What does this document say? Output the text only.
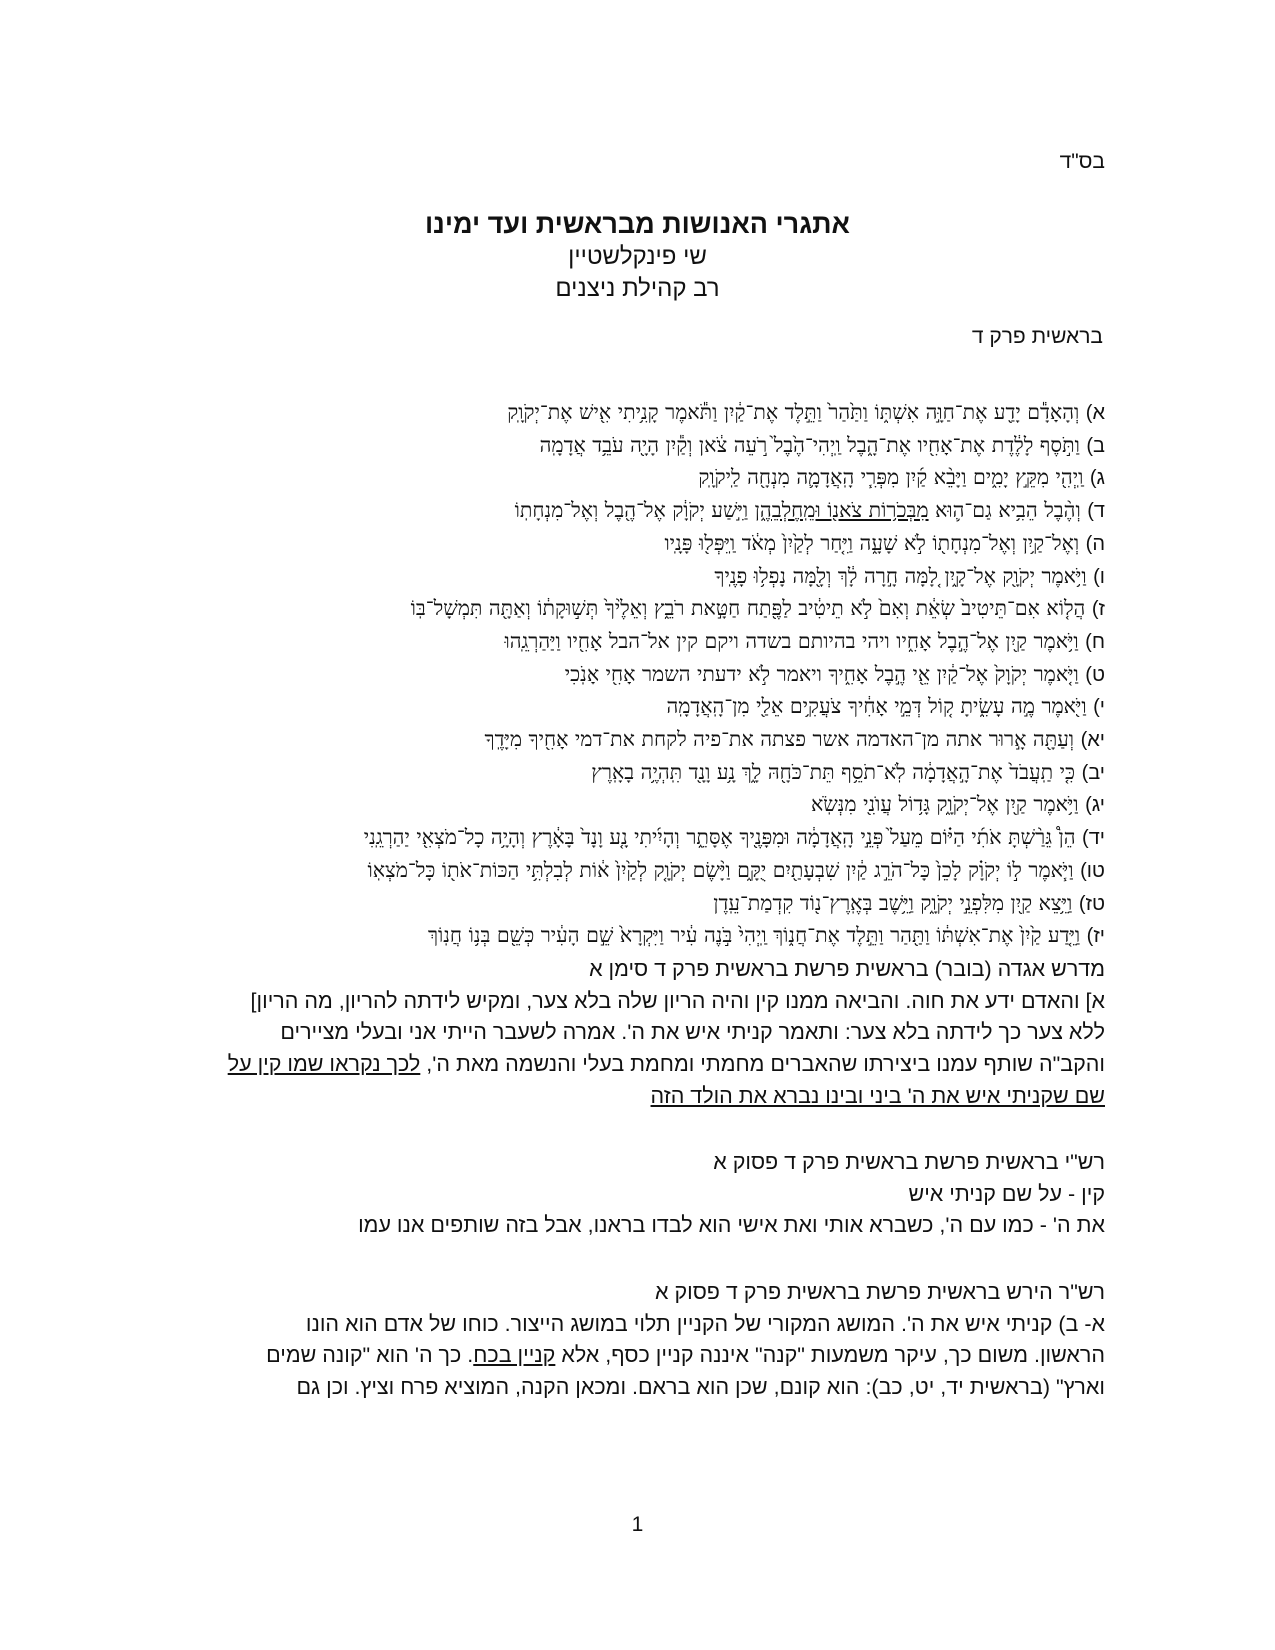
בס"ד

אתגרי האנושות מבראשית ועד ימינו

שי פינקלשטיין

רב קהילת ניצנים

בראשית פרק ד
א) וְהָאָדָ֕ם יָדַ֖ע אֶת־חַוָּ֣ה אִשְׁתּ֑וֹ וַתַּ֙הַר֙ וַתֵּ֣לֶד אֶת־קַ֔יִן וַתֹּ֕אמֶר קָנִ֥יתִי אִ֖ישׁ אֶת־יְקֹוָֽק
ב) וַתֹּ֣סֶף לָלֶ֔דֶת אֶת־אָחִ֖יו אֶת־הָ֑בֶל וַֽיְהִי־הֶ֙בֶל֙ רֹ֣עֵה צֹ֔אן וְקַ֕יִן הָיָ֖ה עֹבֵ֥ד אֲדָמָֽה
ג) וַֽיְהִ֖י מִקֵּ֣ץ יָמִ֑ים וַיָּבֵ֨א קַ֜יִן מִפְּרִ֧י הָֽאֲדָמָ֛ה מִנְחָ֖ה לַֽיקֹוָֽק
ד) וְהֶ֨בֶל הֵבִ֥יא גַם־ה֛וּא מִבְּכֹר֥וֹת צֹאנ֖וֹ וּמֵֽחֶלְבֵהֶ֑ן וַיִּ֣שַׁע יְקֹוָ֔ק אֶל־הֶ֖בֶל וְאֶל־מִנְחָתֽוֹ
ה) וְאֶל־קַ֥יִן וְאֶל־מִנְחָת֖וֹ לֹ֣א שָׁעָ֑ה וַיִּ֤חַר לְקַ֙יִן֙ מְאֹ֔ד וַֽיִּפְּל֖וּ פָּנָֽיו
ו) וַיֹּ֥אמֶר יְקֹוָ֖ק אֶל־קָ֑יִן לָ֚מָּה חָ֣רָה לָ֔ךְ וְלָ֖מָּה נָפְל֥וּ פָנֶֽיךָ
ז) הֲל֤וֹא אִם־תֵּיטִיב֙ שְׂאֵ֔ת וְאִם֙ לֹ֣א תֵיטִ֔יב לַפֶּ֖תַח חַטָּ֣את רֹבֵ֑ץ וְאֵלֶ֙יךָ֙ תְּשׁ֣וּקָת֔וֹ וְאַתָּ֖ה תִּמְשָׁל־בּֽוֹ
ח) וַיֹּ֥אמֶר קַ֖יִן אֶל־הֶ֣בֶל אָחִ֑יו ויהי בהיותם בשדה ויקם קין אל־הבל אָחִ֖יו וַיַּהַרְגֵֽהוּ
ט) וַיֹּ֤אמֶר יְקֹוָק֙ אֶל־קַ֔יִן אֵ֖י הֶ֣בֶל אָחִ֑יךָ ויאמר לֹ֣א ידעתי השמר אָחִ֖י אָנֹֽכִי
י) וַיֹּ֖אמֶר מֶ֣ה עָשִׂ֑יתָ ק֚וֹל דְּמֵ֣י אָחִ֔יךָ צֹעֲקִ֥ים אֵלַ֖י מִן־הָֽאֲדָמָֽה
יא) וְעַתָּ֖ה אָ֣רוּר אתה מן־האדמה אשר פצתה את־פיה לקחת את־דמי אָחִ֖יךָ מִיָּדֶֽךָ
יב) כִּ֤י תַֽעֲבֹד֙ אֶת־הָ֣אֲדָמָ֔ה לֹֽא־תֹסֵ֥ף תֵּת־כֹּחָ֖הּ לָ֑ךְ נָ֥ע וָנָ֖ד תִּֽהְיֶ֥ה בָאָֽרֶץ
יג) וַיֹּ֥אמֶר קַ֖יִן אֶל־יְקֹוָ֑ק גָּד֥וֹל עֲוֺנִ֖י מִנְּשֹֽׂא
יד) הֵן֩ גֵּרַ֨שְׁתָּ אֹתִ֜י הַיּ֗וֹם מֵעַל֙ פְּנֵ֣י הָֽאֲדָמָ֔ה וּמִפָּנֶ֖יךָ אֶסָּתֵ֑ר וְהָיִ֜יתִי נָ֤ע וָנָד֙ בָּאָ֔רֶץ וְהָיָ֥ה כָל־מֹצְאִ֖י יַהַרְגֵֽנִי
טו) וַיֹּ֧אמֶר ל֣וֹ יְקֹוָ֗ק לָכֵן֙ כָּל־הֹרֵ֣ג קַ֔יִן שִׁבְעָתַ֖יִם יֻקָּ֑ם וַיָּ֨שֶׂם יְקֹוָ֤ק לְקַ֙יִן֙ א֔וֹת לְבִלְתִּ֥י הַכּוֹת־אֹת֖וֹ כָּל־מֹצְאֽוֹ
טז) וַיֵּ֥צֵא קַ֖יִן מִלִּפְנֵ֣י יְקֹוָ֑ק וַיֵּ֥שֶׁב בְּאֶֽרֶץ־נ֖וֹד קִדְמַת־עֵֽדֶן
יז) וַיֵּ֤דַע קַ֙יִן֙ אֶת־אִשְׁתּ֔וֹ וַתַּ֖הַר וַתֵּ֣לֶד אֶת־חֲנ֑וֹךְ וַֽיְהִי֙ בֹּ֣נֶה עִ֔יר וַיִּקְרָא֙ שֵׁ֣ם הָעִ֔יר כְּשֵׁ֖ם בְּנ֥וֹ חֲנֽוֹךְ
מדרש אגדה (בובר) בראשית פרשת בראשית פרק ד סימן א
א] והאדם ידע את חוה. והביאה ממנו קין והיה הריון שלה בלא צער, ומקיש לידתה להריון, מה הריון]
ללא צער כך לידתה בלא צער: ותאמר קניתי איש את ה'. אמרה לשעבר הייתי אני ובעלי מציירים
והקב"ה שותף עמנו ביצירתו שהאברים מחמתי ומחמת בעלי והנשמה מאת ה', לכך נקראו שמו קין על
שם שקניתי איש את ה' ביני ובינו נברא את הולד הזה
רש"י בראשית פרשת בראשית פרק ד פסוק א
קין - על שם קניתי איש
את ה' - כמו עם ה', כשברא אותי ואת אישי הוא לבדו בראנו, אבל בזה שותפים אנו עמו
רש"ר הירש בראשית פרשת בראשית פרק ד פסוק א
א- ב) קניתי איש את ה'. המושג המקורי של הקניין תלוי במושג הייצור. כוחו של אדם הוא הונו
הראשון. משום כך, עיקר משמעות "קנה" איננה קניין כסף, אלא קניין בכח. כך ה' הוא "קונה שמים
וארץ" (בראשית יד, יט, כב): הוא קונם, שכן הוא בראם. ומכאן הקנה, המוציא פרח וציץ. וכן גם
1
